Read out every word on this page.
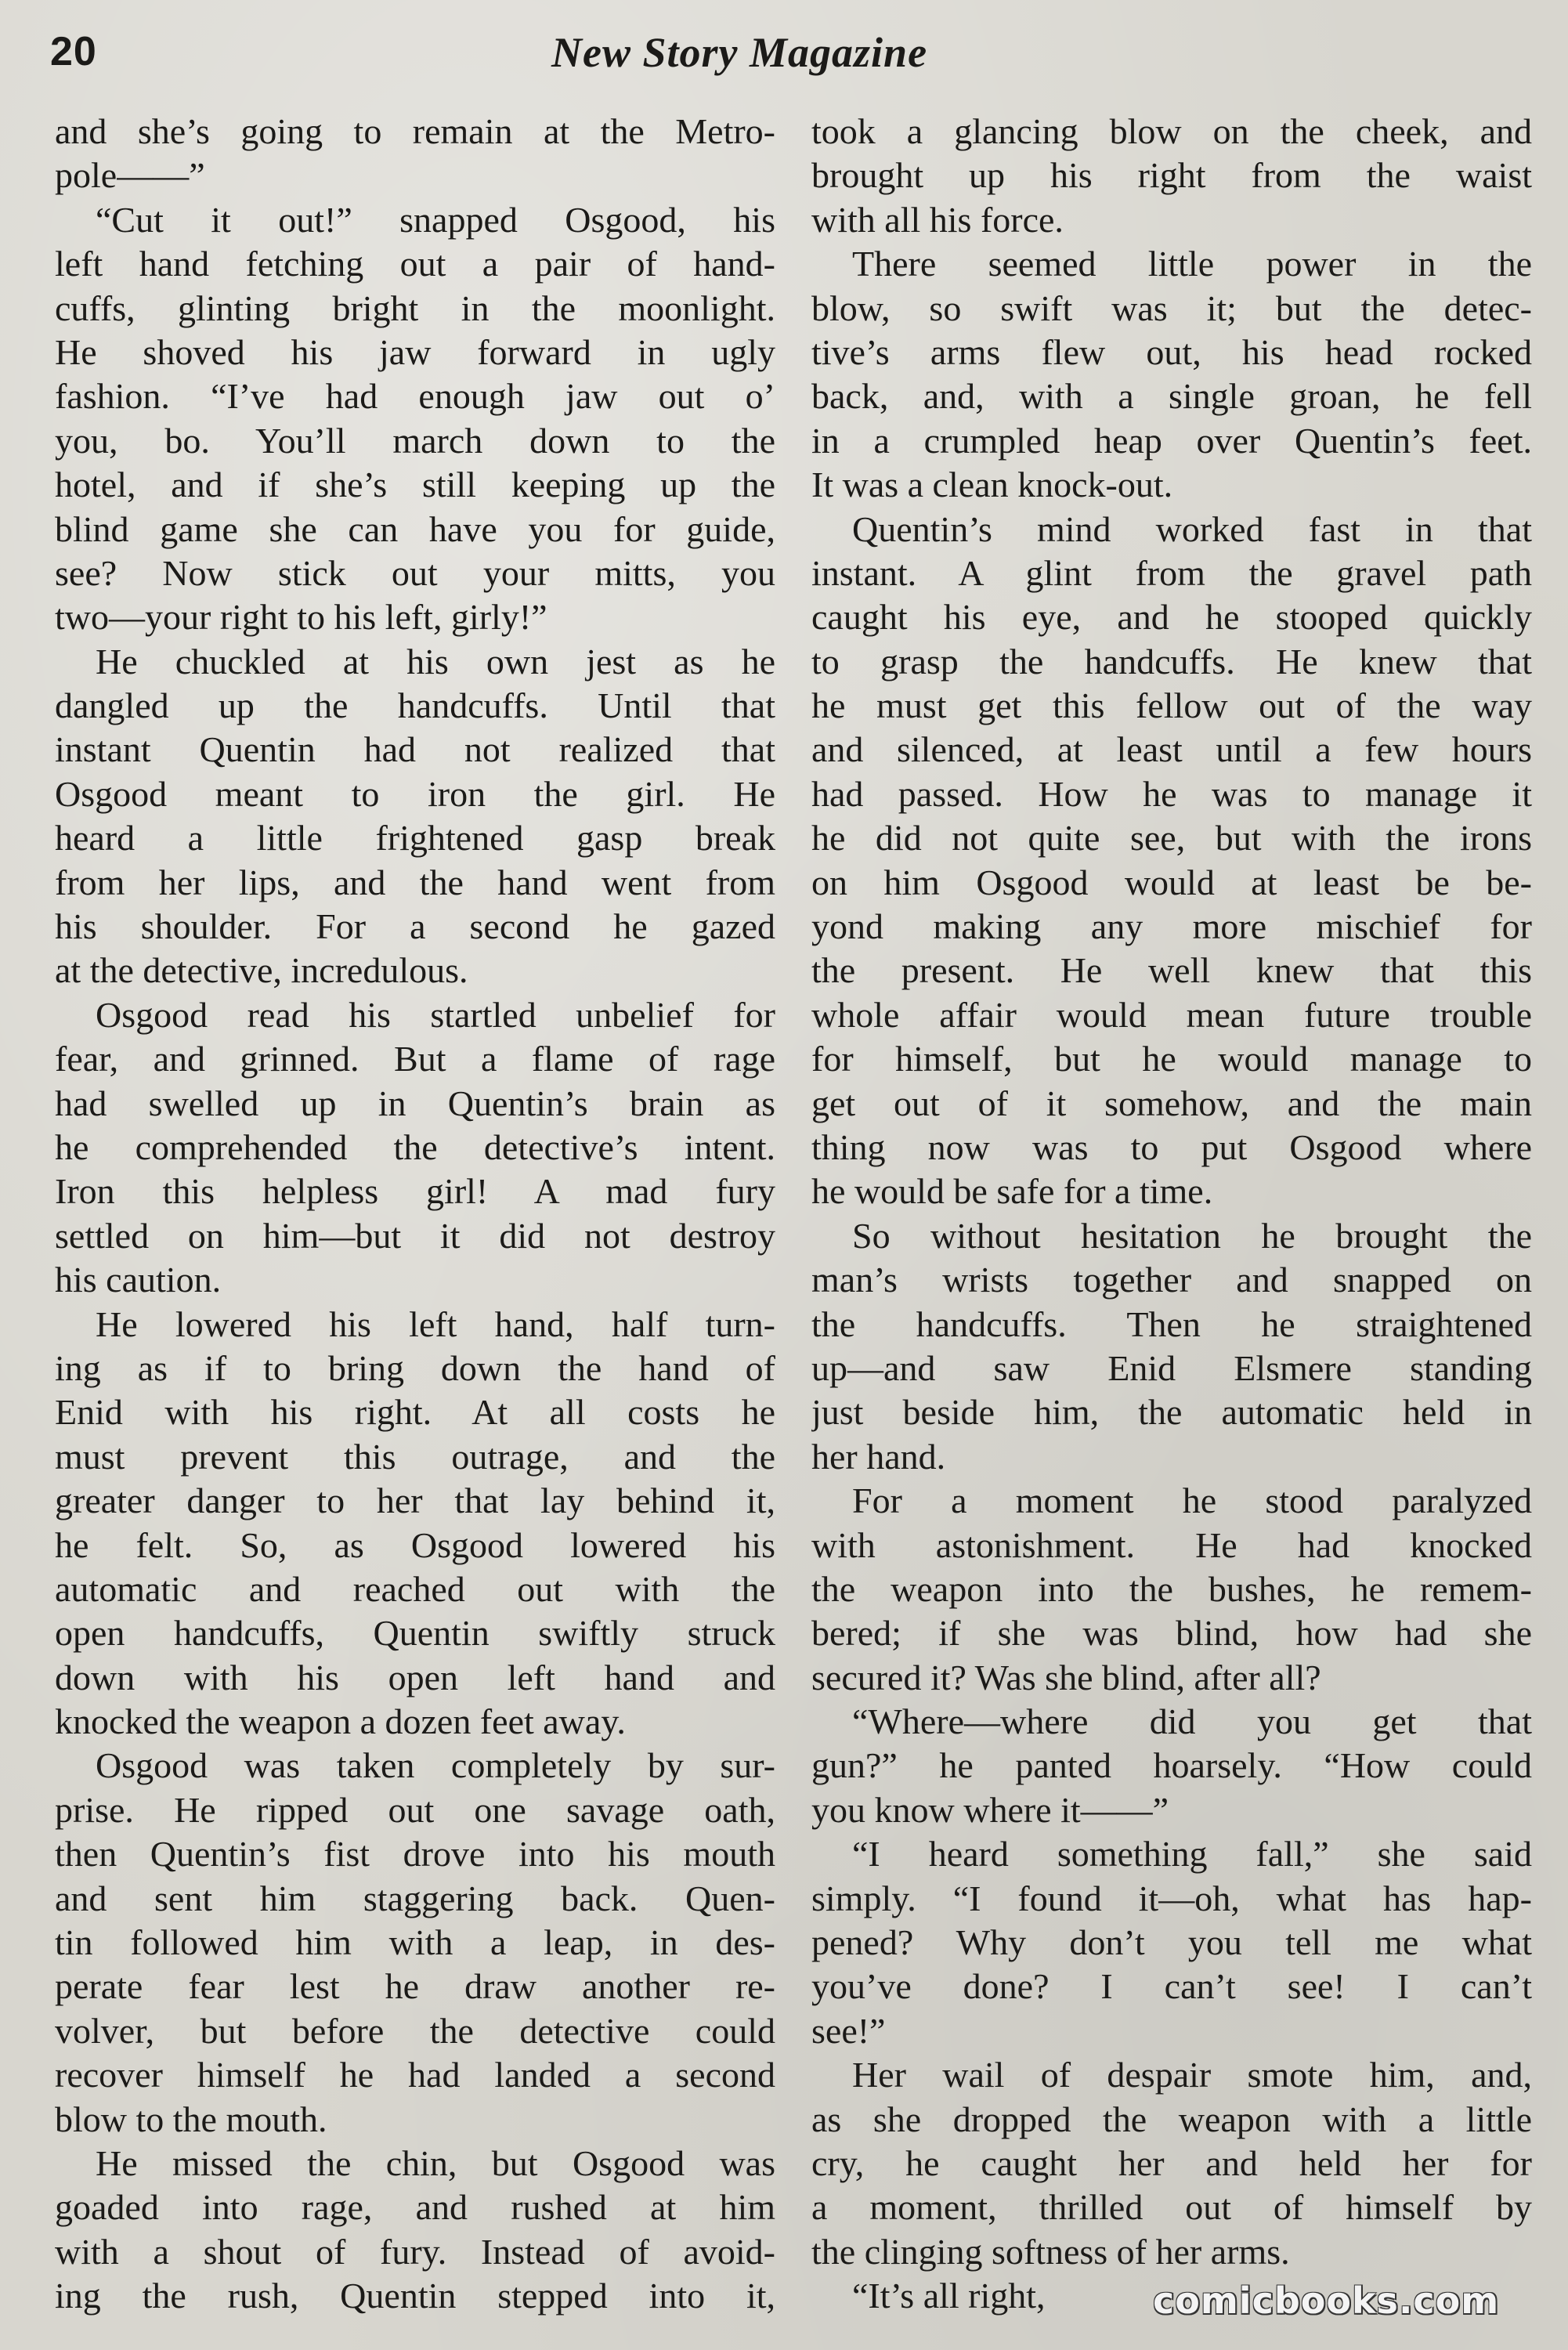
20	New Story Magazine
and she’s going to remain at the Metro-
pole——”
“Cut it out!” snapped Osgood, his
left hand fetching out a pair of hand-
cuffs, glinting bright in the moonlight.
He shoved his jaw forward in ugly
fashion. “I’ve had enough jaw out o’
you, bo. You’ll march down to the
hotel, and if she’s still keeping up the
blind game she can have you for guide,
see? Now stick out your mitts, you
two—your right to his left, girly!”
He chuckled at his own jest as he
dangled up the handcuffs. Until that
instant Quentin had not realized that
Osgood meant to iron the girl. He
heard a little frightened gasp break
from her lips, and the hand went from
his shoulder. For a second he gazed
at the detective, incredulous.
Osgood read his startled unbelief for
fear, and grinned. But a flame of rage
had swelled up in Quentin’s brain as
he comprehended the detective’s intent.
Iron this helpless girl! A mad fury
settled on him—but it did not destroy
his caution.
He lowered his left hand, half turn-
ing as if to bring down the hand of
Enid with his right. At all costs he
must prevent this outrage, and the
greater danger to her that lay behind it,
he felt. So, as Osgood lowered his
automatic and reached out with the
open handcuffs, Quentin swiftly struck
down with his open left hand and
knocked the weapon a dozen feet away.
Osgood was taken completely by sur-
prise. He ripped out one savage oath,
then Quentin’s fist drove into his mouth
and sent him staggering back. Quen-
tin followed him with a leap, in des-
perate fear lest he draw another re-
volver, but before the detective could
recover himself he had landed a second
blow to the mouth.
He missed the chin, but Osgood was
goaded into rage, and rushed at him
with a shout of fury. Instead of avoid-
ing the rush, Quentin stepped into it,
took a glancing blow on the cheek, and
brought up his right from the waist
with all his force.
There seemed little power in the
blow, so swift was it; but the detec-
tive’s arms flew out, his head rocked
back, and, with a single groan, he fell
in a crumpled heap over Quentin’s feet.
It was a clean knock-out.
Quentin’s mind worked fast in that
instant. A glint from the gravel path
caught his eye, and he stooped quickly
to grasp the handcuffs. He knew that
he must get this fellow out of the way
and silenced, at least until a few hours
had passed. How he was to manage it
he did not quite see, but with the irons
on him Osgood would at least be be-
yond making any more mischief for
the present. He well knew that this
whole affair would mean future trouble
for himself, but he would manage to
get out of it somehow, and the main
thing now was to put Osgood where
he would be safe for a time.
So without hesitation he brought the
man’s wrists together and snapped on
the handcuffs. Then he straightened
up—and saw Enid Elsmere standing
just beside him, the automatic held in
her hand.
For a moment he stood paralyzed
with astonishment. He had knocked
the weapon into the bushes, he remem-
bered; if she was blind, how had she
secured it? Was she blind, after all?
“Where—where did you get that
gun?” he panted hoarsely. “How could
you know where it——”
“I heard something fall,” she said
simply. “I found it—oh, what has hap-
pened? Why don’t you tell me what
you’ve done? I can’t see! I can’t
see!”
Her wail of despair smote him, and,
as she dropped the weapon with a little
cry, he caught her and held her for
a moment, thrilled out of himself by
the clinging softness of her arms.
“It’s all right,	comicbooks.com
